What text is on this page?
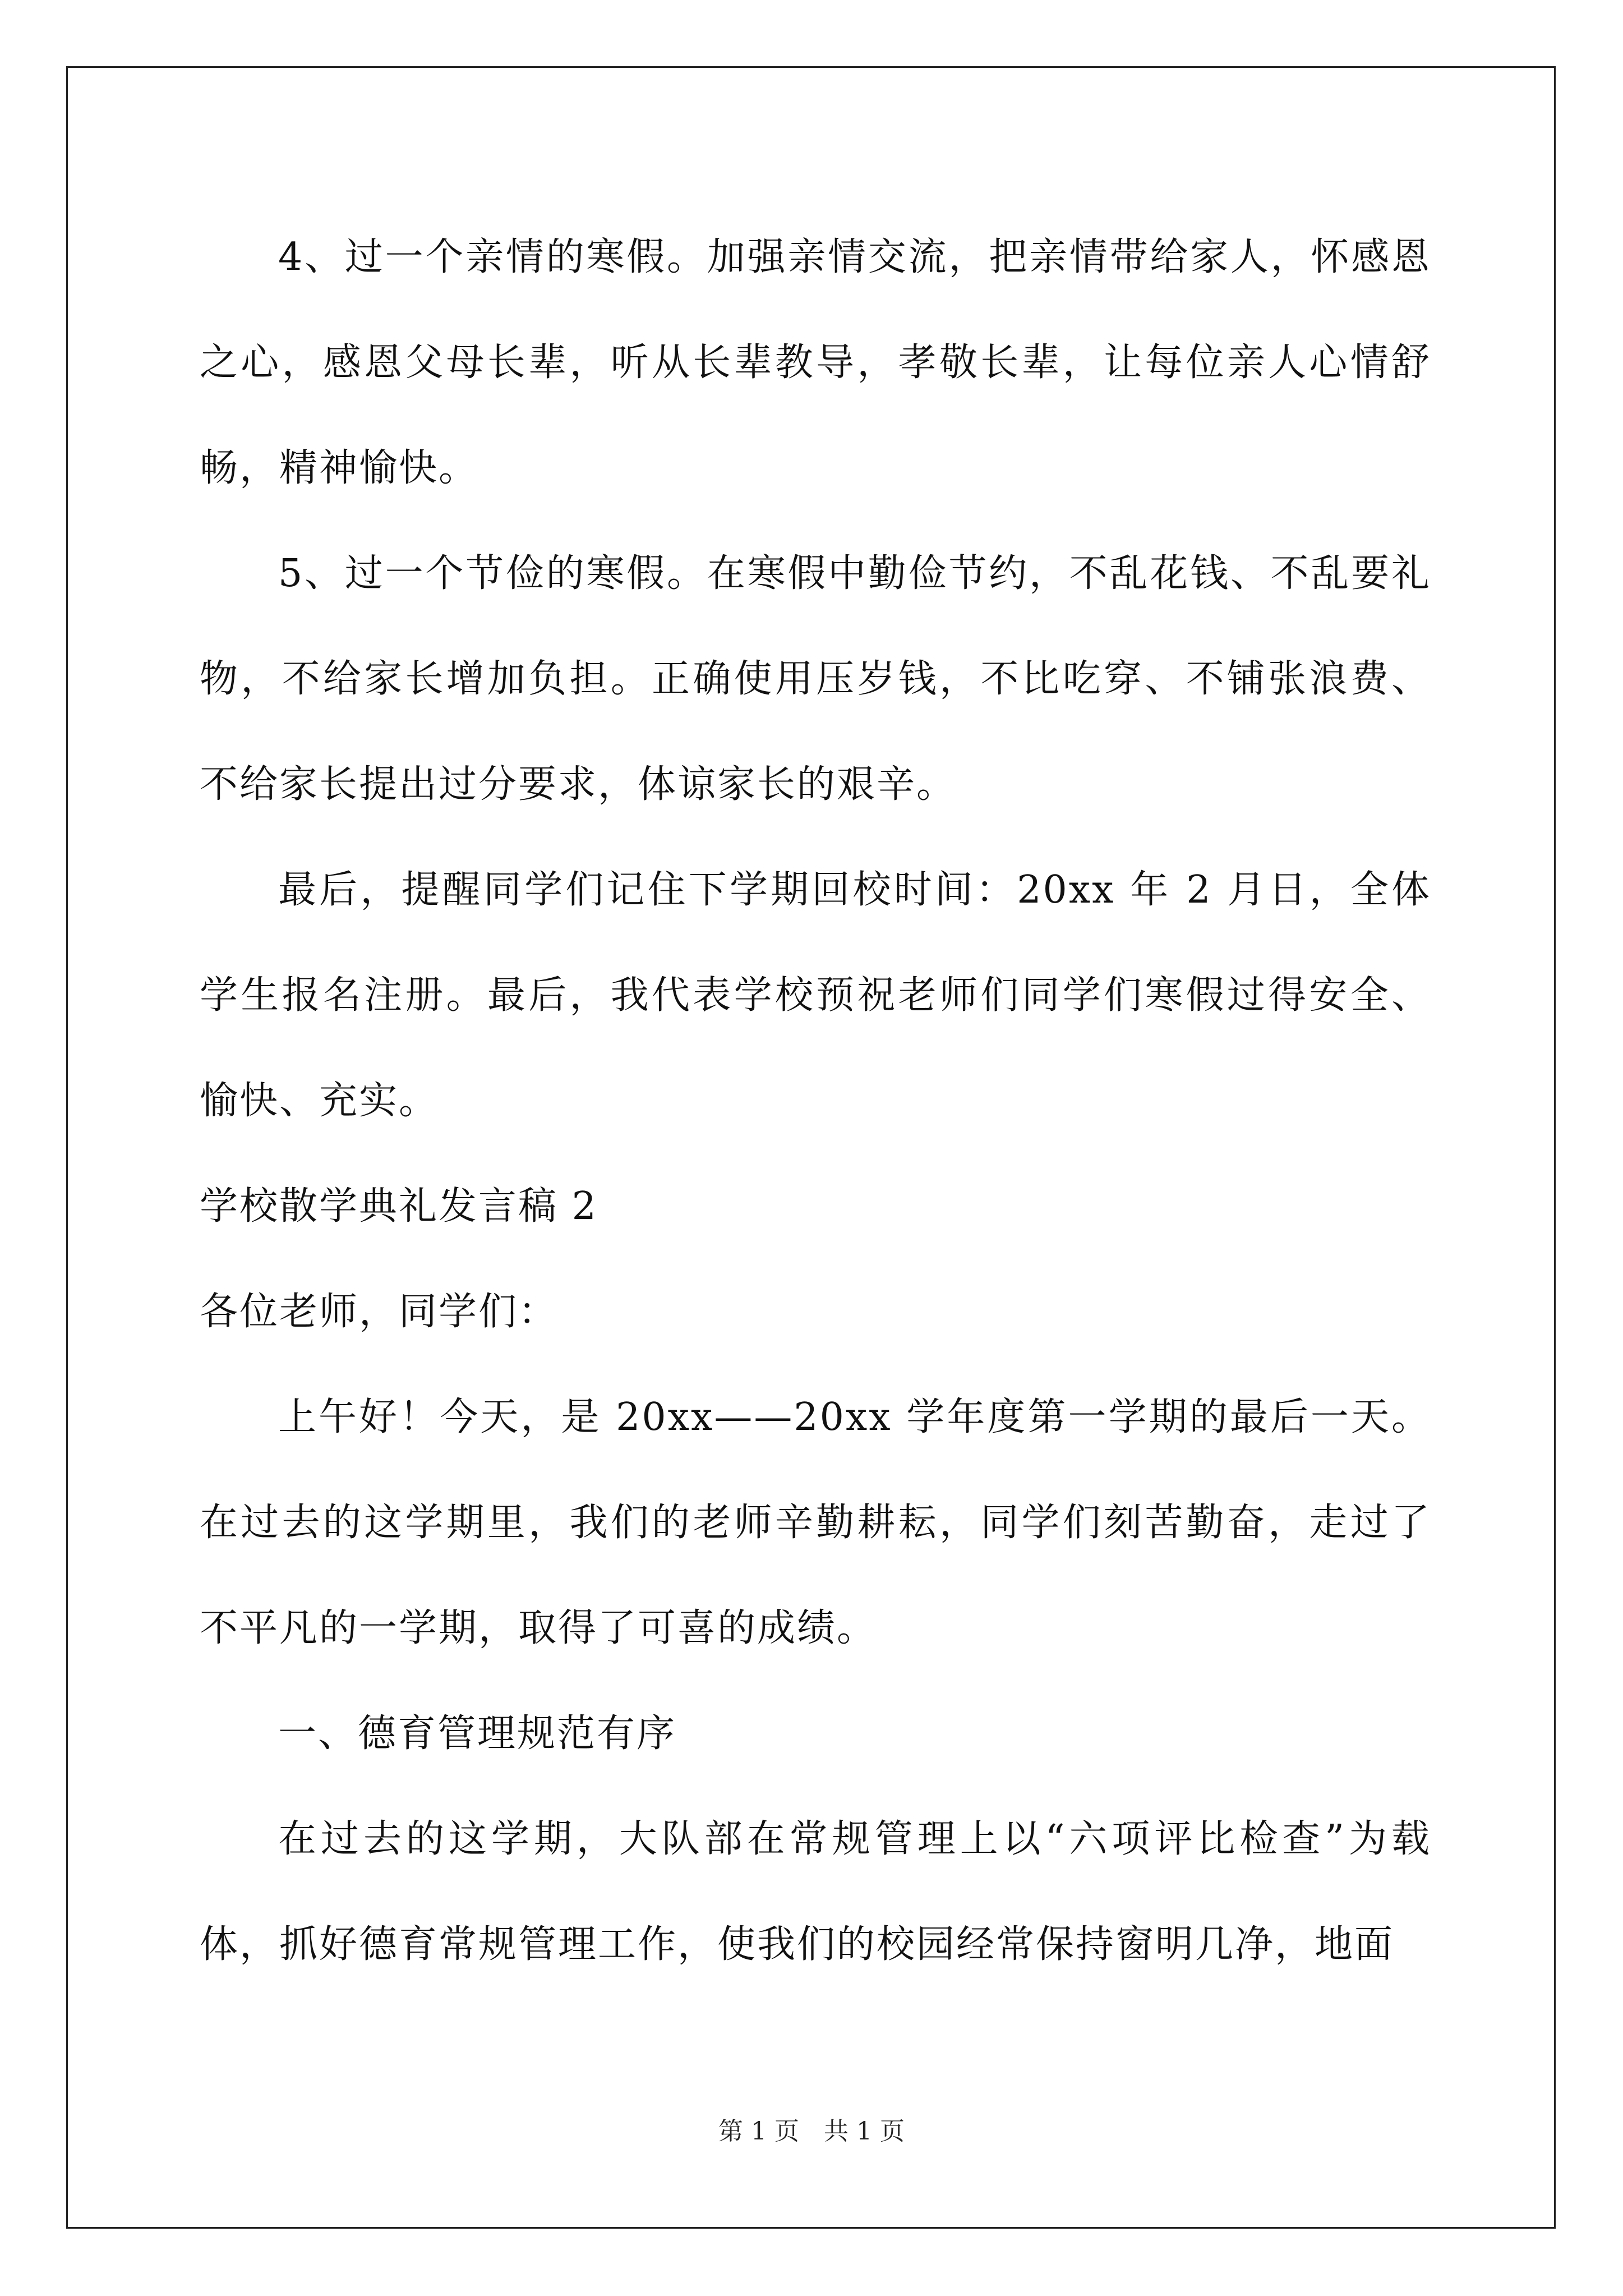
4、过一个亲情的寒假。加强亲情交流，把亲情带给家人，怀感恩之心，感恩父母长辈，听从长辈教导，孝敬长辈，让每位亲人心情舒畅，精神愉快。

5、过一个节俭的寒假。在寒假中勤俭节约，不乱花钱、不乱要礼物，不给家长增加负担。正确使用压岁钱，不比吃穿、不铺张浪费、不给家长提出过分要求，体谅家长的艰辛。

最后，提醒同学们记住下学期回校时间：20xx 年 2 月日，全体学生报名注册。最后，我代表学校预祝老师们同学们寒假过得安全、愉快、充实。

学校散学典礼发言稿 2

各位老师，同学们：

上午好！今天，是 20xx——20xx 学年度第一学期的最后一天。在过去的这学期里，我们的老师辛勤耕耘，同学们刻苦勤奋，走过了不平凡的一学期，取得了可喜的成绩。

一、德育管理规范有序

在过去的这学期，大队部在常规管理上以“六项评比检查”为载体，抓好德育常规管理工作，使我们的校园经常保持窗明几净，地面

第 1 页　共 1 页
